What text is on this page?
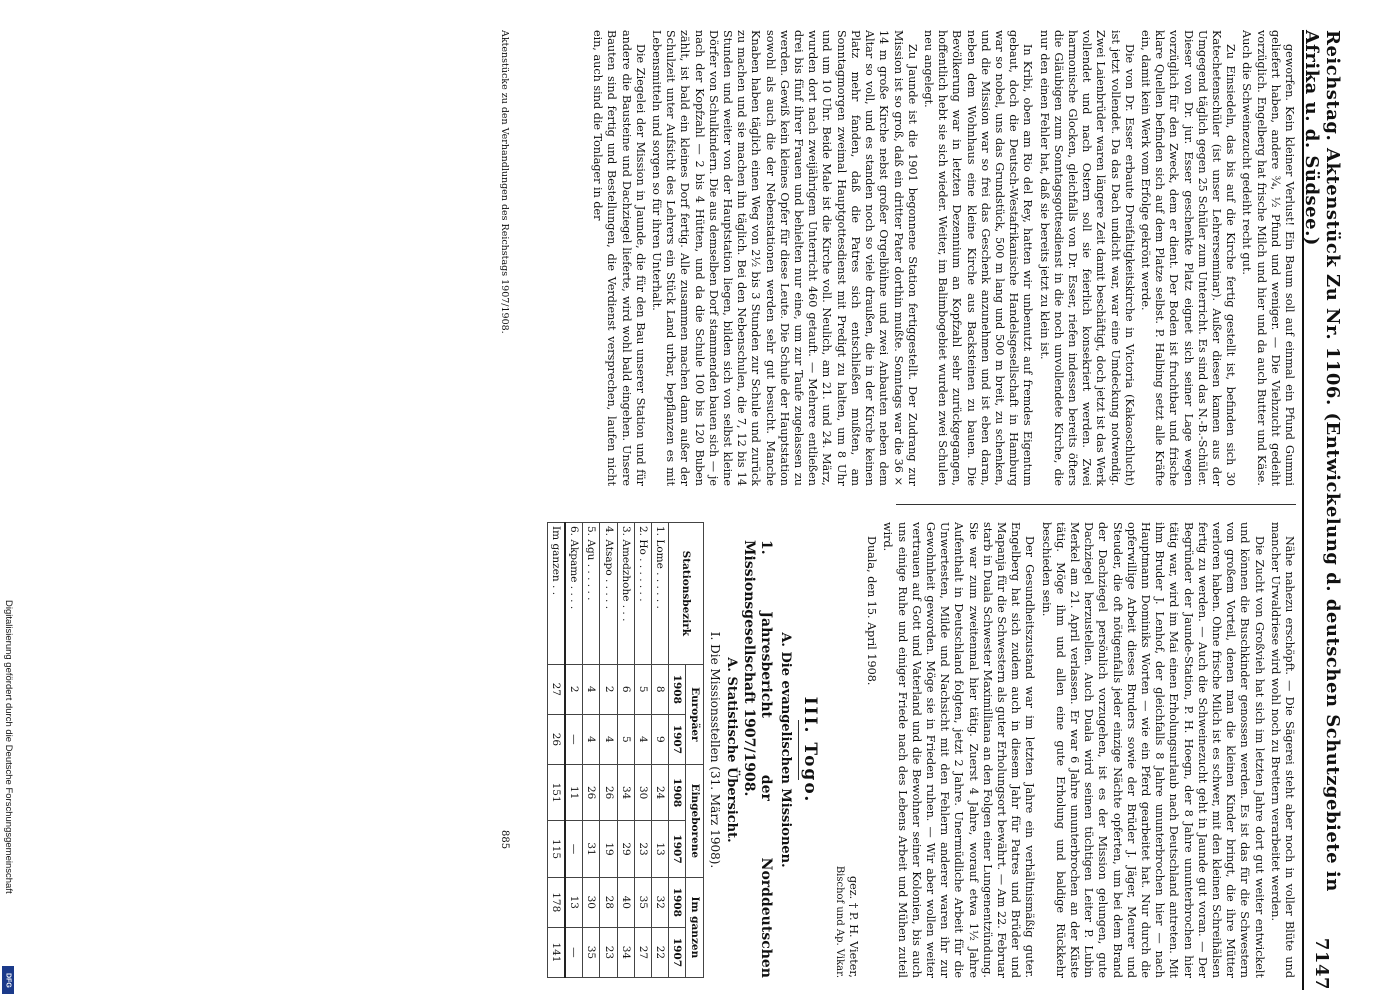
Reichstag. Aktenstück Zu Nr. 1106. (Entwickelung d. deutschen Schutzgebiete in Afrika u. d. Südsee.)
7147

geworfen. Kein kleiner Verlust! Ein Baum soll auf einmal ein Pfund Gummi geliefert haben, andere ¾, ½ Pfund und weniger. — Die Viehzucht gedeiht vorzüglich. Engelberg hat frische Milch und hier und da auch Butter und Käse. Auch die Schweinezucht gedeiht recht gut.

Zu Einsiedeln, das bis auf die Kirche fertig gestellt ist, befinden sich 30 Katechetenschüler (ist unser Lehrerseminar). Außer diesen kamen aus der Umgegend täglich gegen 25 Schüler zum Unterricht. Es sind das N.-B.-Schüler. Dieser von Dr. jur. Esser geschenkte Platz eignet sich seiner Lage wegen vorzüglich für den Zweck, dem er dient. Der Boden ist fruchtbar und frische klare Quellen befinden sich auf dem Platze selbst. P. Halbing setzt alle Kräfte ein, damit kein Werk vom Erfolge gekrönt werde.

Die von Dr. Esser erbaute Dreifaltigkeitskirche in Victoria (Kakaoschlucht) ist jetzt vollendet. Da das Dach undicht war, war eine Umdeckung notwendig. Zwei Laienbrüder waren längere Zeit damit beschäftigt, doch jetzt ist das Werk vollendet und nach Ostern soll sie feierlich konsekriert werden. Zwei harmonische Glocken, gleichfalls von Dr. Esser, riefen indessen bereits öfters die Gläubigen zum Sonntagsgottesdienst in die noch unvollendete Kirche, die nur den einen Fehler hat, daß sie bereits jetzt zu klein ist.

In Kribi, oben am Rio del Rey, hatten wir unbenutzt auf fremdes Eigentum gebaut, doch die Deutsch-Westafrikanische Handelsgesellschaft in Hamburg war so nobel, uns das Grundstück, 500 m lang und 500 m breit, zu schenken, und die Mission war so frei das Geschenk anzunehmen und ist eben daran, neben dem Wohnhaus eine kleine Kirche aus Backsteinen zu bauen. Die Bevölkerung war in letzten Dezennium an Kopfzahl sehr zurückgegangen, hoffentlich hebt sie sich wieder. Weiter, im Balimbogebiet wurden zwei Schulen neu angelegt.

Zu Jaunde ist die 1901 begonnene Station fertiggestellt. Der Zudrang zur Mission ist so groß, daß ein dritter Pater dorthin mußte. Sonntags war die 36 × 14 m große Kirche nebst großer Orgelbühne und zwei Anbauten neben dem Altar so voll, und es standen noch so viele draußen, die in der Kirche keinen Platz mehr fanden, daß die Patres sich entschließen mußten, am Sonntagmorgen zweimal Hauptgottesdienst mit Predigt zu halten, um 8 Uhr und um 10 Uhr. Beide Male ist die Kirche voll. Neulich, am 21. und 24. März, wurden dort nach zweijährigem Unterricht 460 getauft. — Mehrere entließen drei bis fünf ihrer Frauen und behielten nur eine, um zur Taufe zugelassen zu werden. Gewiß kein kleines Opfer für diese Leute. Die Schule der Hauptstation sowohl als auch die der Nebenstationen werden sehr gut besucht. Manche Knaben haben täglich einen Weg von 2½ bis 3 Stunden zur Schule und zurück zu machen und sie machen ihn täglich. Bei den Nebenschulen, die 7, 12 bis 14 Stunden und weiter von der Hauptstation liegen, bilden sich von selbst kleine Dörfer von Schulkindern. Die aus demselben Dorf stammenden bauen sich — je nach der Kopfzahl — 2 bis 4 Hütten, und da die Schule 100 bis 120 Buben zählt, ist bald ein kleines Dorf fertig. Alle zusammen machen dann außer der Schulzeit unter Aufsicht des Lehrers ein Stück Land urbar, bepflanzen es mit Lebensmitteln und sorgen so für ihren Unterhalt.

Die Ziegelei der Mission in Jaunde, die für den Bau unserer Station und für andere die Bausteine und Dachziegel lieferte, wird wohl bald eingehen. Unsere Bauten sind fertig und Bestellungen, die Verdienst versprechen, laufen nicht ein, auch sind die Tonlager in der

Nähe nahezu erschöpft. — Die Sägerei steht aber noch in voller Blüte und mancher Urwaldriese wird wohl noch zu Brettern verarbeitet werden.

Die Zucht von Großvieh hat sich im letzten Jahre dort gut weiter entwickelt und können die Buschkinder genossen werden. Es ist das für die Schwestern von großem Vorteil, denen man die kleinen Kinder bringt, die ihre Mütter verloren haben. Ohne frische Milch ist es schwer, mit den kleinen Schreihälsen fertig zu werden. — Auch die Schweinezucht geht in Jaunde gut voran. — Der Begründer der Jaunde-Station, P. H. Hoegn, der 8 Jahre ununterbrochen hier tätig war, wird im Mai einen Erholungsurlaub nach Deutschland antreten. Mit ihm Bruder J. Lenhof, der gleichfalls 8 Jahre ununterbrochen hier — nach Hauptmann Dominiks Worten — wie ein Pferd gearbeitet hat. Nur durch die opferwillige Arbeit dieses Bruders sowie der Brüder J. Jäger, Meurer und Steuder, die oft nötigenfalls jeder einzige Nächte opferten, um bei dem Brand der Dachziegel persönlich vorzugehen, ist es der Mission gelungen, gute Dachziegel herzustellen. Auch Duala wird seinen tüchtigen Leiter P. Lubin Merkel am 21. April verlassen. Er war 6 Jahre ununterbrochen an der Küste tätig. Möge ihm und allen eine gute Erholung und baldige Rückkehr beschieden sein.

Der Gesundheitszustand war im letzten Jahre ein verhältnismäßig guter. Engelberg hat sich zudem auch in diesem Jahr für Patres und Brüder und Mapanja für die Schwestern als guter Erholungsort bewährt. — Am 22. Februar starb in Duala Schwester Maximilliana an den Folgen einer Lungenentzündung. Sie war zum zweitenmal hier tätig. Zuerst 4 Jahre, worauf etwa 1½ Jahre Aufenthalt in Deutschland folgten, jetzt 2 Jahre. Unermüdliche Arbeit für die Unwertesten, Milde und Nachsicht mit den Fehlern anderer waren ihr zur Gewohnheit geworden. Möge sie in Frieden ruhen. — Wir aber wollen weiter vertrauen auf Gott und Vaterland und die Bewohner seiner Kolonien, bis auch uns einige Ruhe und einiger Friede nach des Lebens Arbeit und Mühen zuteil wird.

Duala, den 15. April 1908.

gez. † P. H. Vieter,
Bischof und Ap. Vikar.
III. Togo.
A. Die evangelischen Missionen.
1. Jahresbericht der Norddeutschen Missionsgesellschaft 1907/1908.
A. Statistische Übersicht.
I. Die Missionsstellen (31. März 1908).
Stationsbezirk	Europäer		Eingeborene		Im ganzen	
	1908	1907	1908	1907	1908	1907
1. Lome . . . . . .	8	9	24	13	32	22
2. Ho . . . . . . .	5	4	30	23	35	27
3. Amedzhohe . . .	6	5	34	29	40	34
4. Atsapo . . . . .	2	4	26	19	28	23
5. Agu . . . . . .	4	4	26	31	30	35
6. Akpame . . . .	2	—	11	—	13	—
Im ganzen . .	27	26	151	115	178	141
Aktenstücke zu den Verhandlungen des Reichstags 1907/1908.
885
Digitalisierung gefördert durch die Deutsche Forschungsgemeinschaft
DFG
